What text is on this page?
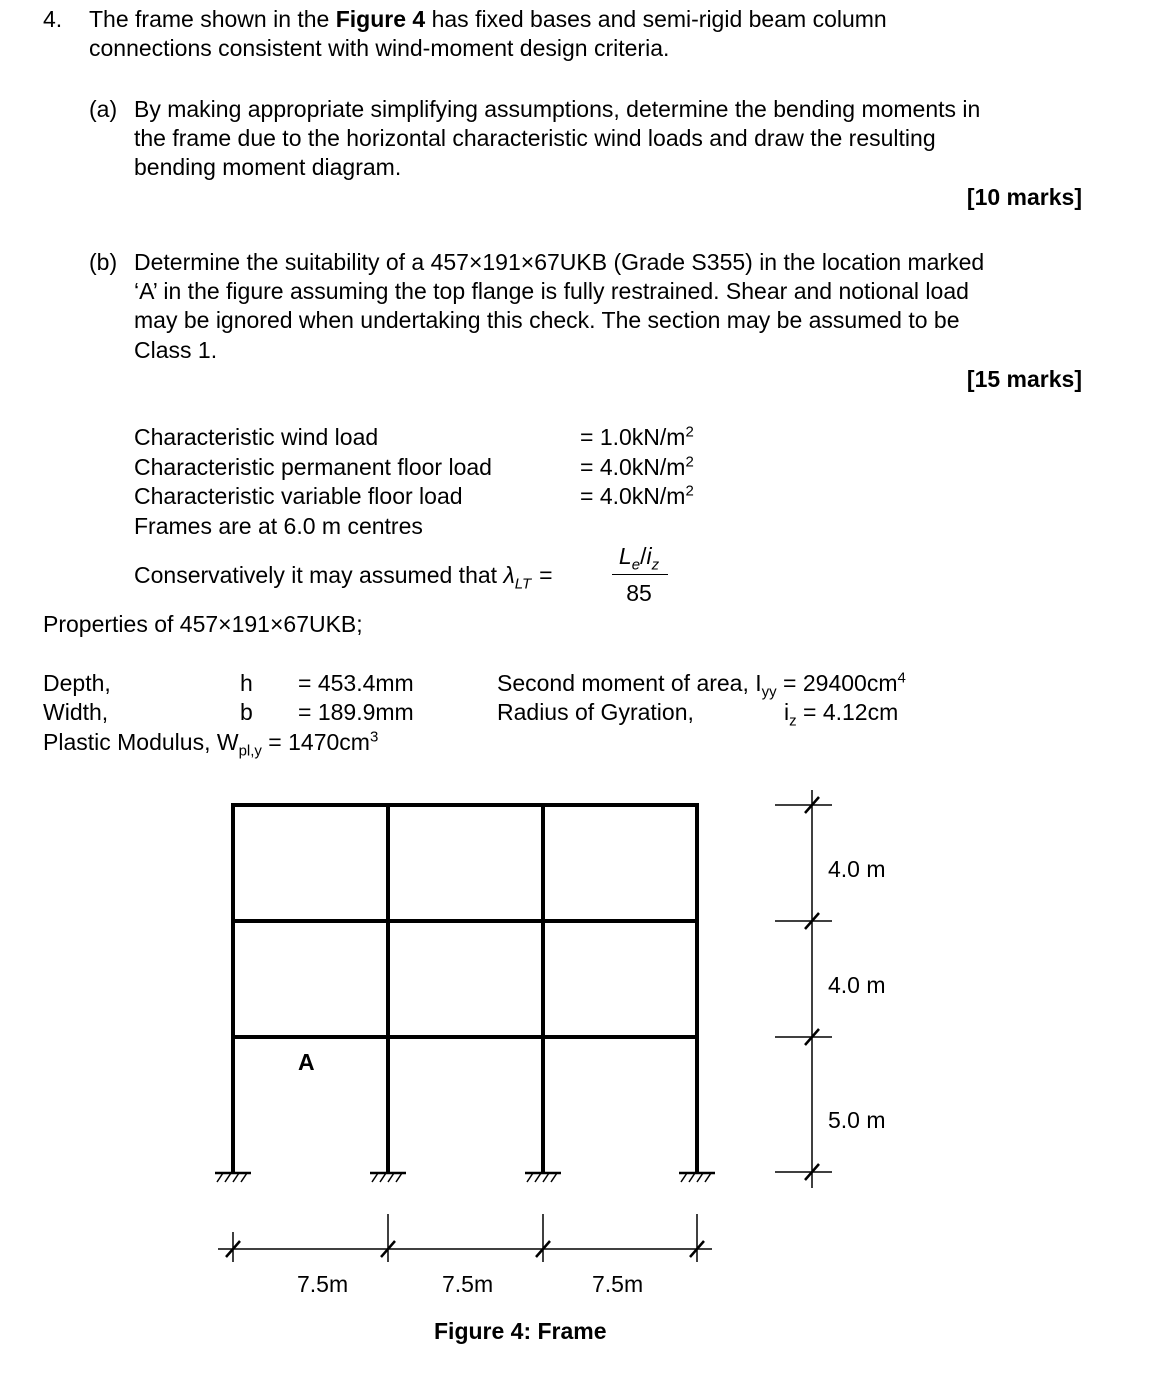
4. The frame shown in the Figure 4 has fixed bases and semi-rigid beam column
connections consistent with wind-moment design criteria.
(a) By making appropriate simplifying assumptions, determine the bending moments in
the frame due to the horizontal characteristic wind loads and draw the resulting
bending moment diagram.
[10 marks]
(b) Determine the suitability of a 457×191×67UKB (Grade S355) in the location marked
‘A’ in the figure assuming the top flange is fully restrained. Shear and notional load
may be ignored when undertaking this check. The section may be assumed to be
Class 1.
[15 marks]
Characteristic wind load	= $1.0kN/m^2$
Characteristic permanent floor load	= $4.0kN/m^2$
Characteristic variable floor load	= $4.0kN/m^2$
Frames are at 6.0 m centres
Conservatively it may assumed that $\lambda_{LT}$ =
$L_e/i_z$
85
Properties of 457×191×67UKB;
Depth,	h = 453.4mm
Width,	b = 189.9mm
Plastic Modulus, $W_{pl,y} = 1470cm^3$
Second moment of area, $I_{yy} = 29400cm^4$
Radius of Gyration,	$i_z = 4.12cm$
A
7.5m	7.5m	7.5m
4.0 m
4.0 m
5.0 m
Figure 4: Frame
